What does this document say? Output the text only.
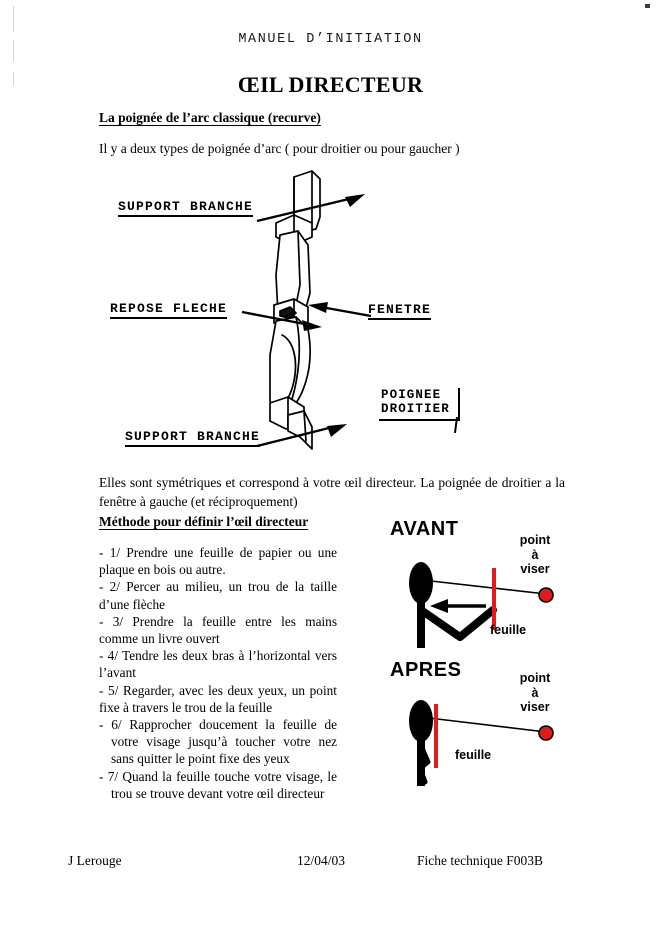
MANUEL D’INITIATION
ŒIL DIRECTEUR
La poignée de l’arc classique (recurve)
Il y a deux types de poignée d’arc ( pour droitier ou pour gaucher )
SUPPORT BRANCHE
REPOSE FLECHE	FENETRE
SUPPORT BRANCHE
POIGNEE
DROITIER
Elles sont symétriques et correspond à votre œil directeur. La poignée de droitier a la fenêtre à gauche (et réciproquement)
Méthode pour définir l’œil directeur

- 1/ Prendre une feuille de papier ou une plaque en bois ou autre.

- 2/ Percer au milieu, un trou de la taille d’une flèche

- 3/ Prendre la feuille entre les mains comme un livre ouvert

- 4/ Tendre les deux bras à l’horizontal vers l’avant

- 5/ Regarder, avec les deux yeux, un point fixe à travers le trou de la feuille

- 6/ Rapprocher doucement la feuille de votre visage jusqu’à toucher votre nez sans quitter le point fixe des yeux

- 7/ Quand la feuille touche votre visage, le trou se trouve devant votre œil directeur

AVANT	point
à
viser
feuille
APRES	point
à
viser
feuille
J Lerouge	12/04/03	Fiche technique F003B
